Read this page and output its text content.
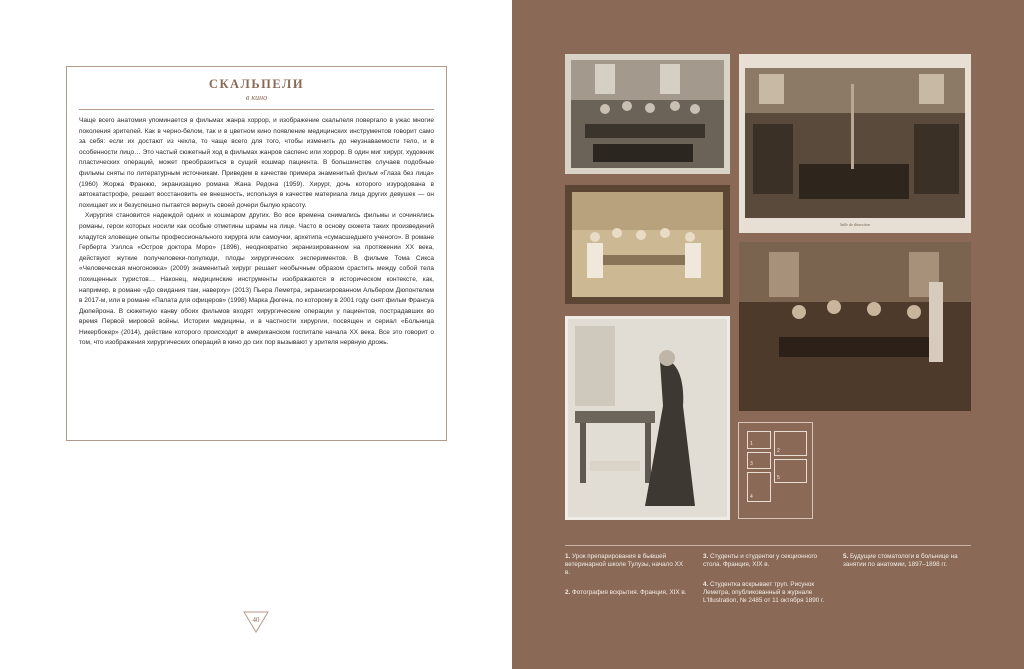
СКАЛЬПЕЛИ
в кино

Чаще всего анатомия упоминается в фильмах жанра хоррор, и изображение скальпеля повергало в ужас многие поколения зрителей. Как в черно-белом, так и в цветном кино появление медицинских инструментов говорит само за себя: если их достают из чехла, то чаще всего для того, чтобы изменить до неузнаваемости тело, и в особенности лицо… Это частый сюжетный ход в фильмах жанров саспенс или хоррор. В один миг хирург, художник пластических операций, может преобразиться в сущий кошмар пациента. В большинстве случаев подобные фильмы сняты по литературным источникам. Приведем в качестве примера знаменитый фильм «Глаза без лица» (1960) Жоржа Франжю, экранизацию романа Жана Редона (1959). Хирург, дочь которого изуродована в автокатастрофе, решает восстановить ее внешность, используя в качестве материала лица других девушек — он похищает их и безуспешно пытается вернуть своей дочери былую красоту.

Хирургия становится надеждой одних и кошмаром других. Во все времена снимались фильмы и сочинялись романы, герои которых носили как особые отметины шрамы на лице. Часто в основу сюжета таких произведений кладутся зловещие опыты профессионального хирурга или самоучки, архетипа «сумасшедшего ученого». В романе Герберта Уэллса «Остров доктора Моро» (1896), неоднократно экранизированном на протяжении XX века, действуют жуткие получеловеки-полулюди, плоды хирургических экспериментов. В фильме Тома Сикса «Человеческая многоножка» (2009) знаменитый хирург решает необычным образом срастить между собой тела похищенных туристов… Наконец, медицинские инструменты изображаются в историческом контексте, как, например, в романе «До свидания там, наверху» (2013) Пьера Леметра, экранизированном Альбером Дюпонтелем в 2017-м, или в романе «Палата для офицеров» (1998) Марка Дюгена, по которому в 2001 году снят фильм Франсуа Дюпейрона. В сюжетную канву обоих фильмов входят хирургические операции у пациентов, пострадавших во время Первой мировой войны. Истории медицины, и в частности хирургии, посвящен и сериал «Больница Никербокер» (2014), действие которого происходит в американском госпитале начала XX века. Все это говорит о том, что изображения хирургических операций в кино до сих пор вызывают у зрителя нервную дрожь.

40
Salle de dissection
1
2
3
4
5
1. Урок препарирования в бывшей ветеринарной школе Тулузы, начало XX в.
2. Фотография вскрытия. Франция, XIX в.
3. Студенты и студентки у секционного стола. Франция, XIX в.
4. Студентка вскрывает труп. Рисунок Леметра, опубликованный в журнале L'Illustration, № 2485 от 11 октября 1890 г.
5. Будущие стоматологи в больнице на занятии по анатомии, 1897–1898 гг.
